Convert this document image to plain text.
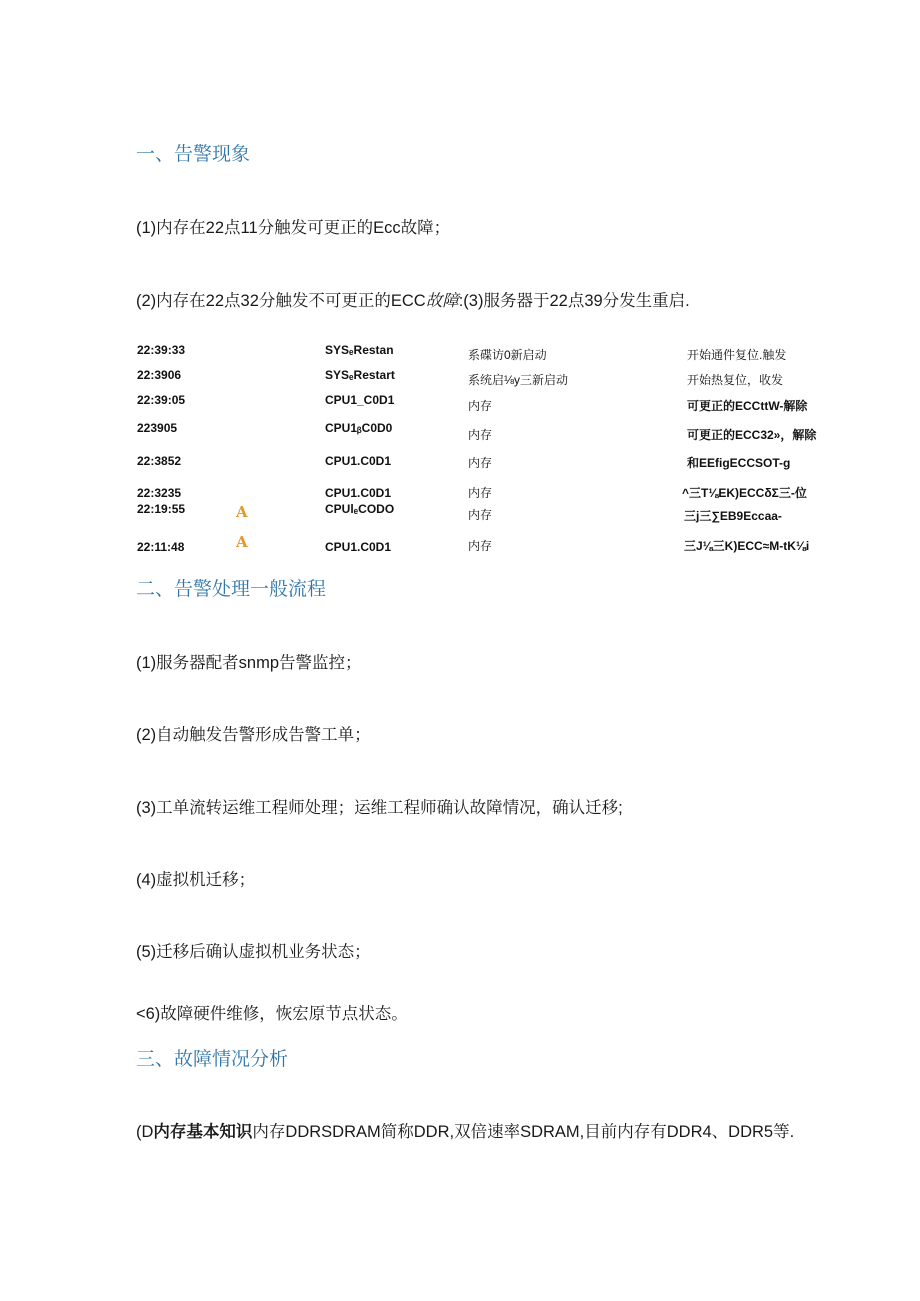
一、告警现象
(1)内存在22点11分触发可更正的Ecc故障；
(2)内存在22点32分触发不可更正的ECC故障:(3)服务器于22点39分发生重启.
22:39:33	SYSₑRestan	系碟访0新启动	开始通件复位.触发
22:3906	SYSₑRestart	系统启⅛y三新启动	开始热复位，收发
22:39:05	CPU1_C0D1	内存	可更正的ECCttW-解除
223905	CPU1ᵦC0D0	内存	可更正的ECC32»，解除
22:3852	CPU1.C0D1	内存	和EEfigECCSOT-g
22:3235	CPU1.C0D1	内存	^三T⅛EK)ECCδΣ三-位
22:19:55	A	CPUlₑCODO	内存	三j三∑EB9Eccaa-
22:11:48	A	CPU1.C0D1	内存	三J⅛三K)ECC≈M-tK⅛i
二、告警处理一般流程
(1)服务器配者snmp告警监控；
(2)自动触发告警形成告警工单；
(3)工单流转运维工程师处理；运维工程师确认故障情况，确认迁移;
(4)虚拟机迁移；
(5)迁移后确认虚拟机业务状态；
<6)故障硬件维修，恢宏原节点状态。
三、故障情况分析
(D内存基本知识内存DDRSDRAM简称DDR,双倍速率SDRAM,目前内存有DDR4、DDR5等.
